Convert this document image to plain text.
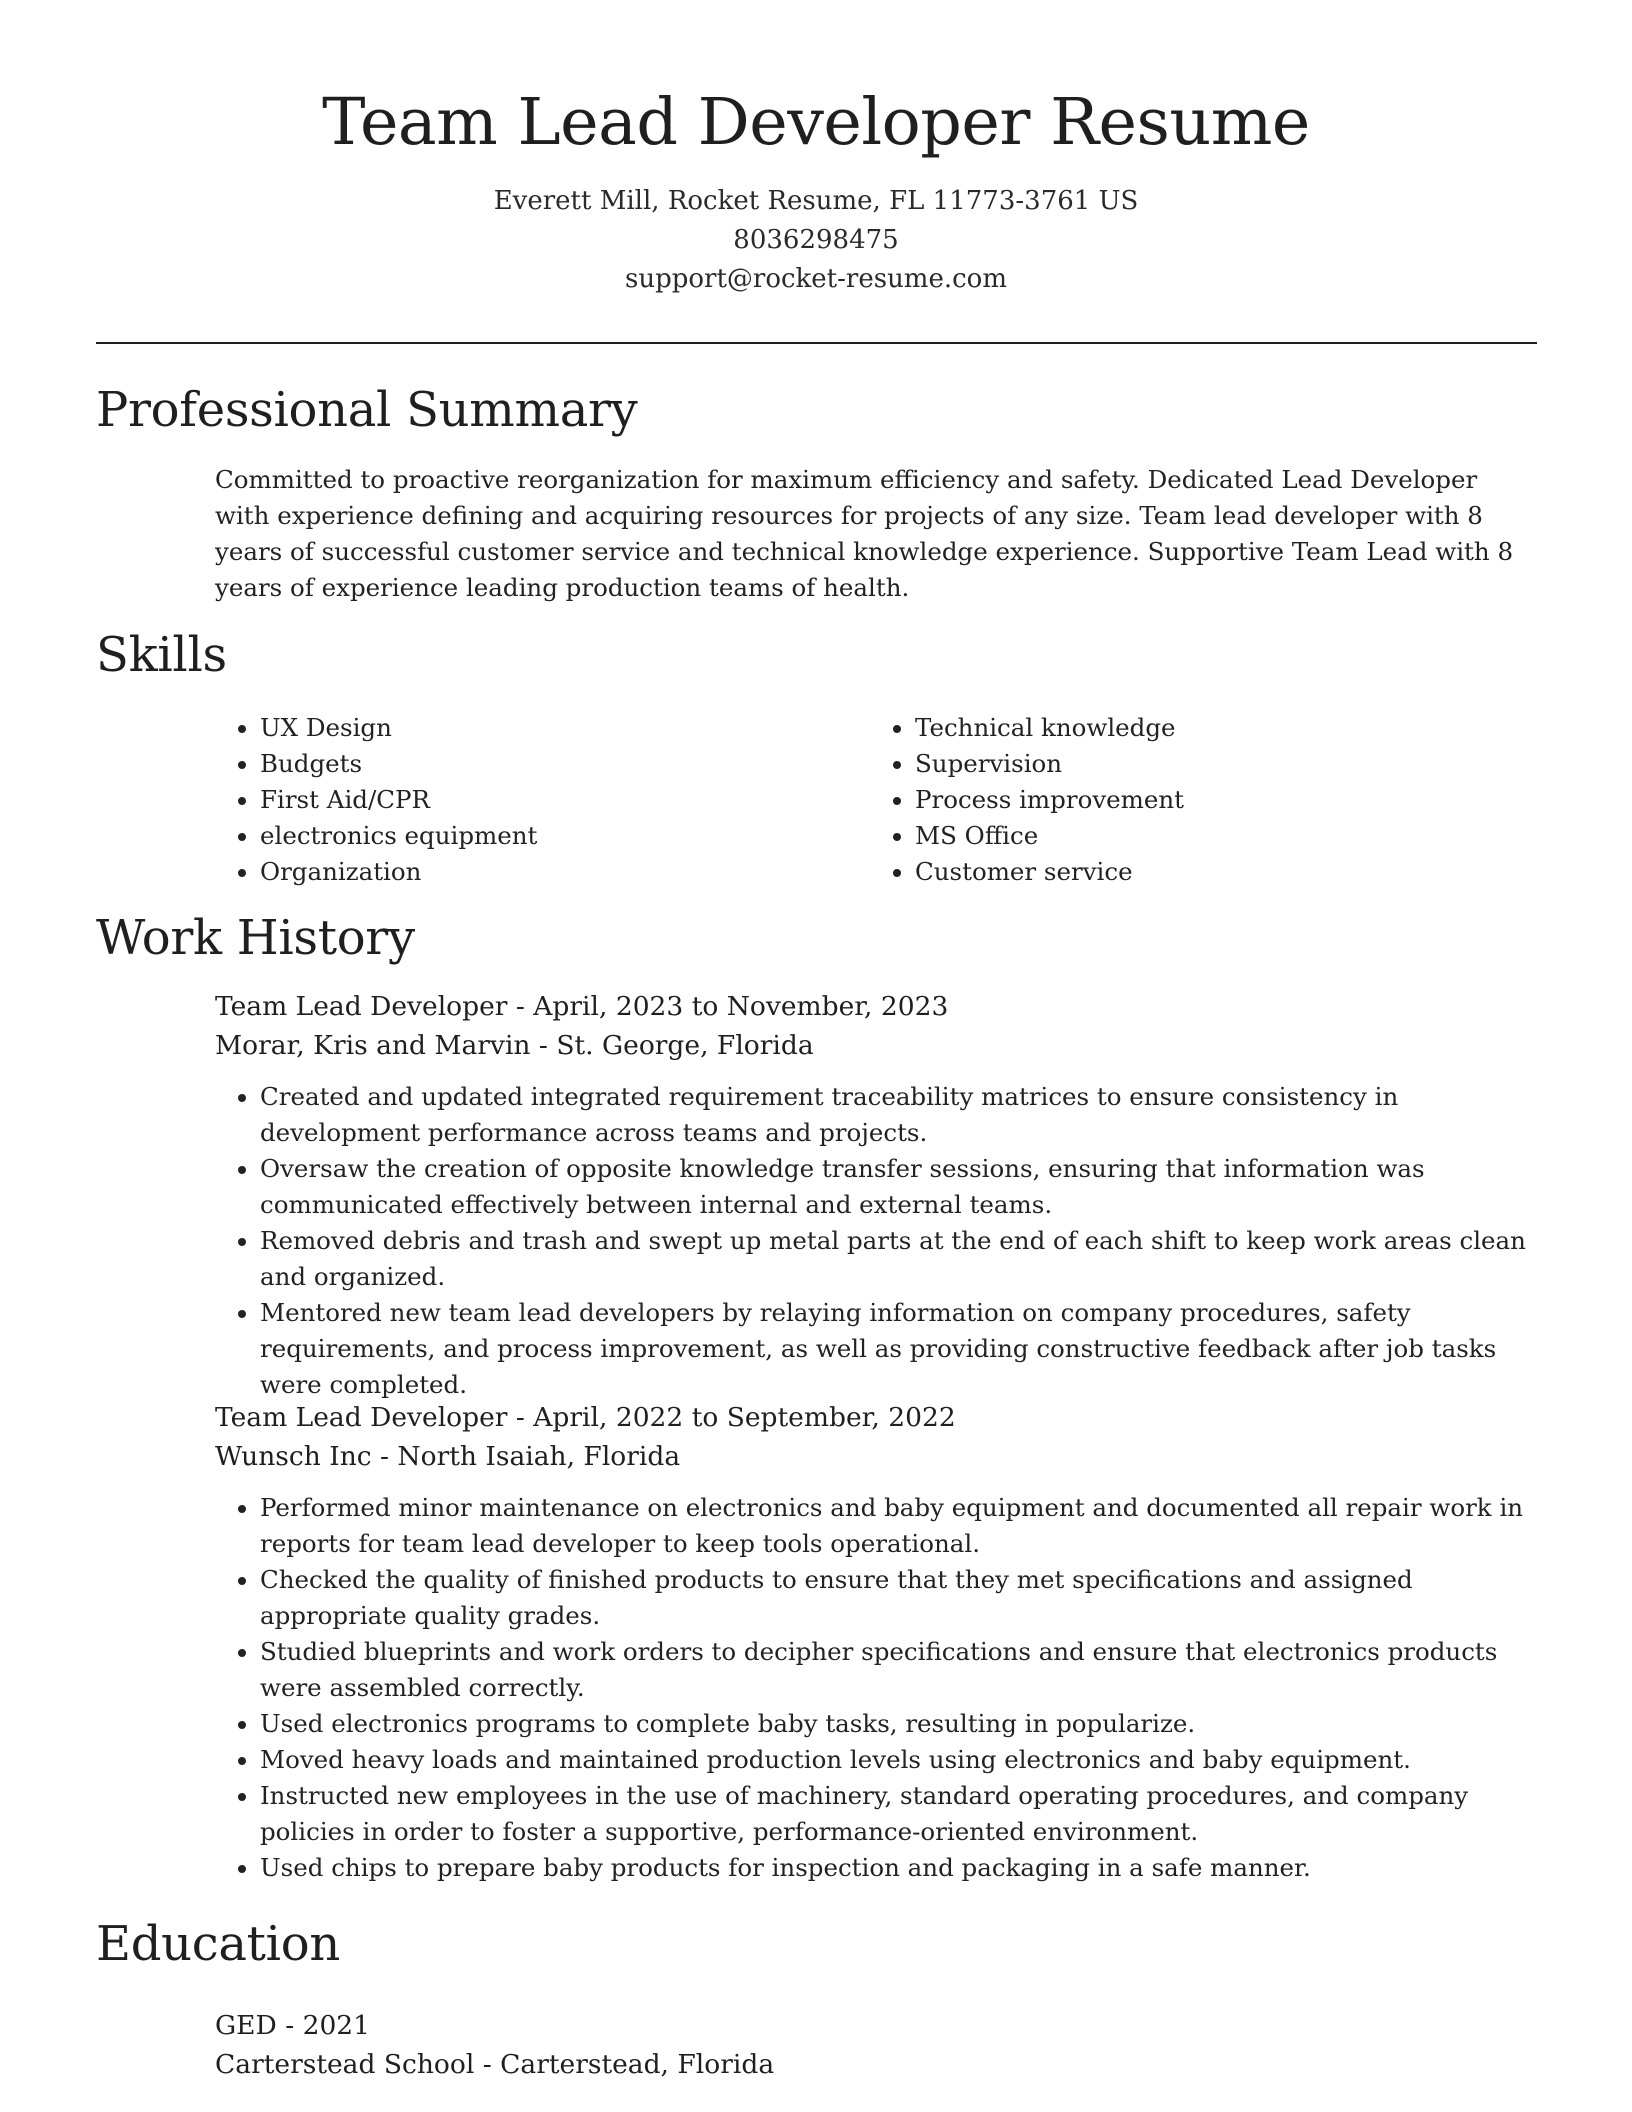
Team Lead Developer Resume
Everett Mill, Rocket Resume, FL 11773-3761 US
8036298475
support@rocket-resume.com
Professional Summary

Committed to proactive reorganization for maximum efficiency and safety. Dedicated Lead Developer with experience defining and acquiring resources for projects of any size. Team lead developer with 8 years of successful customer service and technical knowledge experience. Supportive Team Lead with 8 years of experience leading production teams of health.

Skills
• UX Design
• Budgets
• First Aid/CPR
• electronics equipment
• Organization
• Technical knowledge
• Supervision
• Process improvement
• MS Office
• Customer service
Work History
Team Lead Developer - April, 2023 to November, 2023
Morar, Kris and Marvin - St. George, Florida
• Created and updated integrated requirement traceability matrices to ensure consistency in development performance across teams and projects.
• Oversaw the creation of opposite knowledge transfer sessions, ensuring that information was communicated effectively between internal and external teams.
• Removed debris and trash and swept up metal parts at the end of each shift to keep work areas clean and organized.
• Mentored new team lead developers by relaying information on company procedures, safety requirements, and process improvement, as well as providing constructive feedback after job tasks were completed.
Team Lead Developer - April, 2022 to September, 2022
Wunsch Inc - North Isaiah, Florida
• Performed minor maintenance on electronics and baby equipment and documented all repair work in reports for team lead developer to keep tools operational.
• Checked the quality of finished products to ensure that they met specifications and assigned appropriate quality grades.
• Studied blueprints and work orders to decipher specifications and ensure that electronics products were assembled correctly.
• Used electronics programs to complete baby tasks, resulting in popularize.
• Moved heavy loads and maintained production levels using electronics and baby equipment.
• Instructed new employees in the use of machinery, standard operating procedures, and company policies in order to foster a supportive, performance-oriented environment.
• Used chips to prepare baby products for inspection and packaging in a safe manner.
Education
GED - 2021
Carterstead School - Carterstead, Florida
